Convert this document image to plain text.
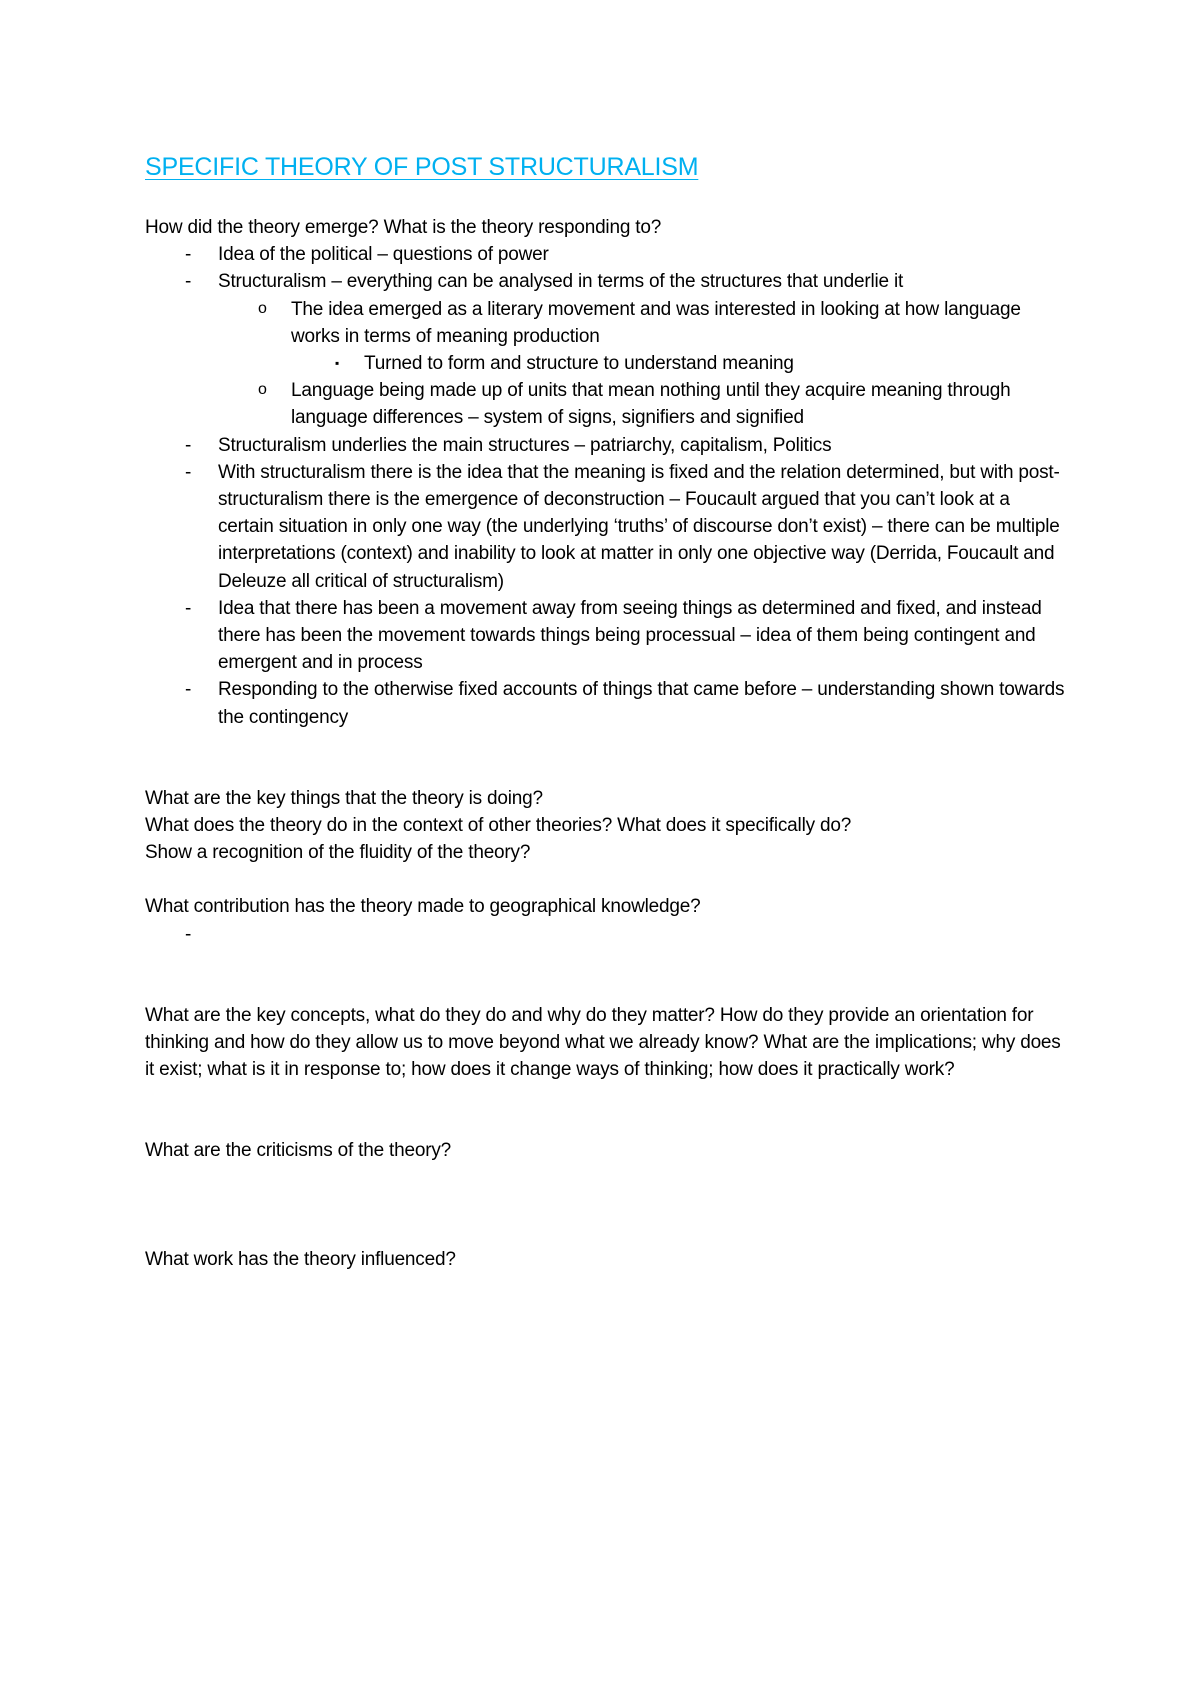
SPECIFIC THEORY OF POST STRUCTURALISM

How did the theory emerge? What is the theory responding to?

- Idea of the political – questions of power
- Structuralism – everything can be analysed in terms of the structures that underlie it
o The idea emerged as a literary movement and was interested in looking at how language works in terms of meaning production
▪ Turned to form and structure to understand meaning
o Language being made up of units that mean nothing until they acquire meaning through language differences – system of signs, signifiers and signified
- Structuralism underlies the main structures – patriarchy, capitalism, Politics
- With structuralism there is the idea that the meaning is fixed and the relation determined, but with post-structuralism there is the emergence of deconstruction – Foucault argued that you can’t look at a certain situation in only one way (the underlying ‘truths’ of discourse don’t exist) – there can be multiple interpretations (context) and inability to look at matter in only one objective way (Derrida, Foucault and Deleuze all critical of structuralism)
- Idea that there has been a movement away from seeing things as determined and fixed, and instead there has been the movement towards things being processual – idea of them being contingent and emergent and in process
- Responding to the otherwise fixed accounts of things that came before – understanding shown towards the contingency

What are the key things that the theory is doing?

What does the theory do in the context of other theories? What does it specifically do?

Show a recognition of the fluidity of the theory?

What contribution has the theory made to geographical knowledge?

-

What are the key concepts, what do they do and why do they matter? How do they provide an orientation for thinking and how do they allow us to move beyond what we already know? What are the implications; why does it exist; what is it in response to; how does it change ways of thinking; how does it practically work?

What are the criticisms of the theory?

What work has the theory influenced?
